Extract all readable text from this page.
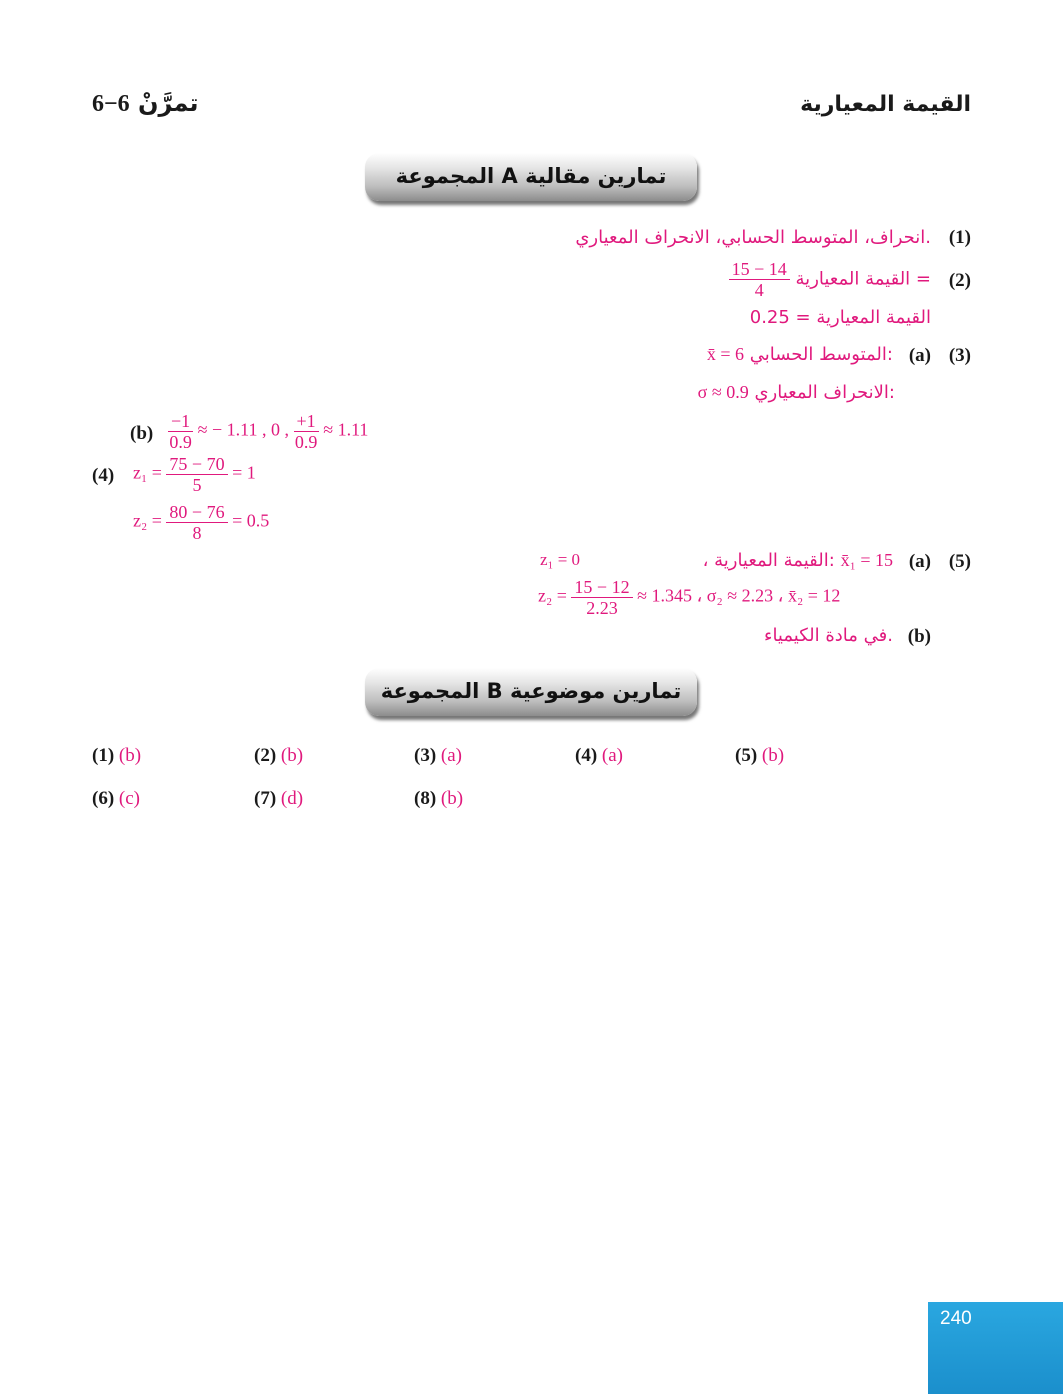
القيمة المعيارية
6−6 تمرَّنْ
المجموعة A تمارين مقالية
(1)
انحراف، المتوسط الحسابي، الانحراف المعياري.
(2)
$\frac{15 - 14}{4}$ القيمة المعيارية =
القيمة المعيارية = 0.25
(3)
(a)
x̄ = 6 المتوسط الحسابي:
σ ≈ 0.9 الانحراف المعياري:
$(b) \frac{-1}{0.9}$ ≈ − 1.11 , 0 , $\frac{+1}{0.9} \approx 1.11$
(4) $z_1 = \frac{75 - 70}{5} = 1$
$z_2 = \frac{80 - 76}{8} = 0.5$
(5)
(a)
، القيمة المعيارية: x̄₁ = 15
z₁ = 0
$z_2 = \frac{15 - 12}{2.23} \approx 1.345$ ، σ₂ ≈ 2.23 ، x̄₂ = 12
(b)
في مادة الكيمياء.
المجموعة B تمارين موضوعية
(1) (b)	(2) (b)	(3) (a)	(4) (a)	(5) (b)
(6) (c)	(7) (d)	(8) (b)
240
